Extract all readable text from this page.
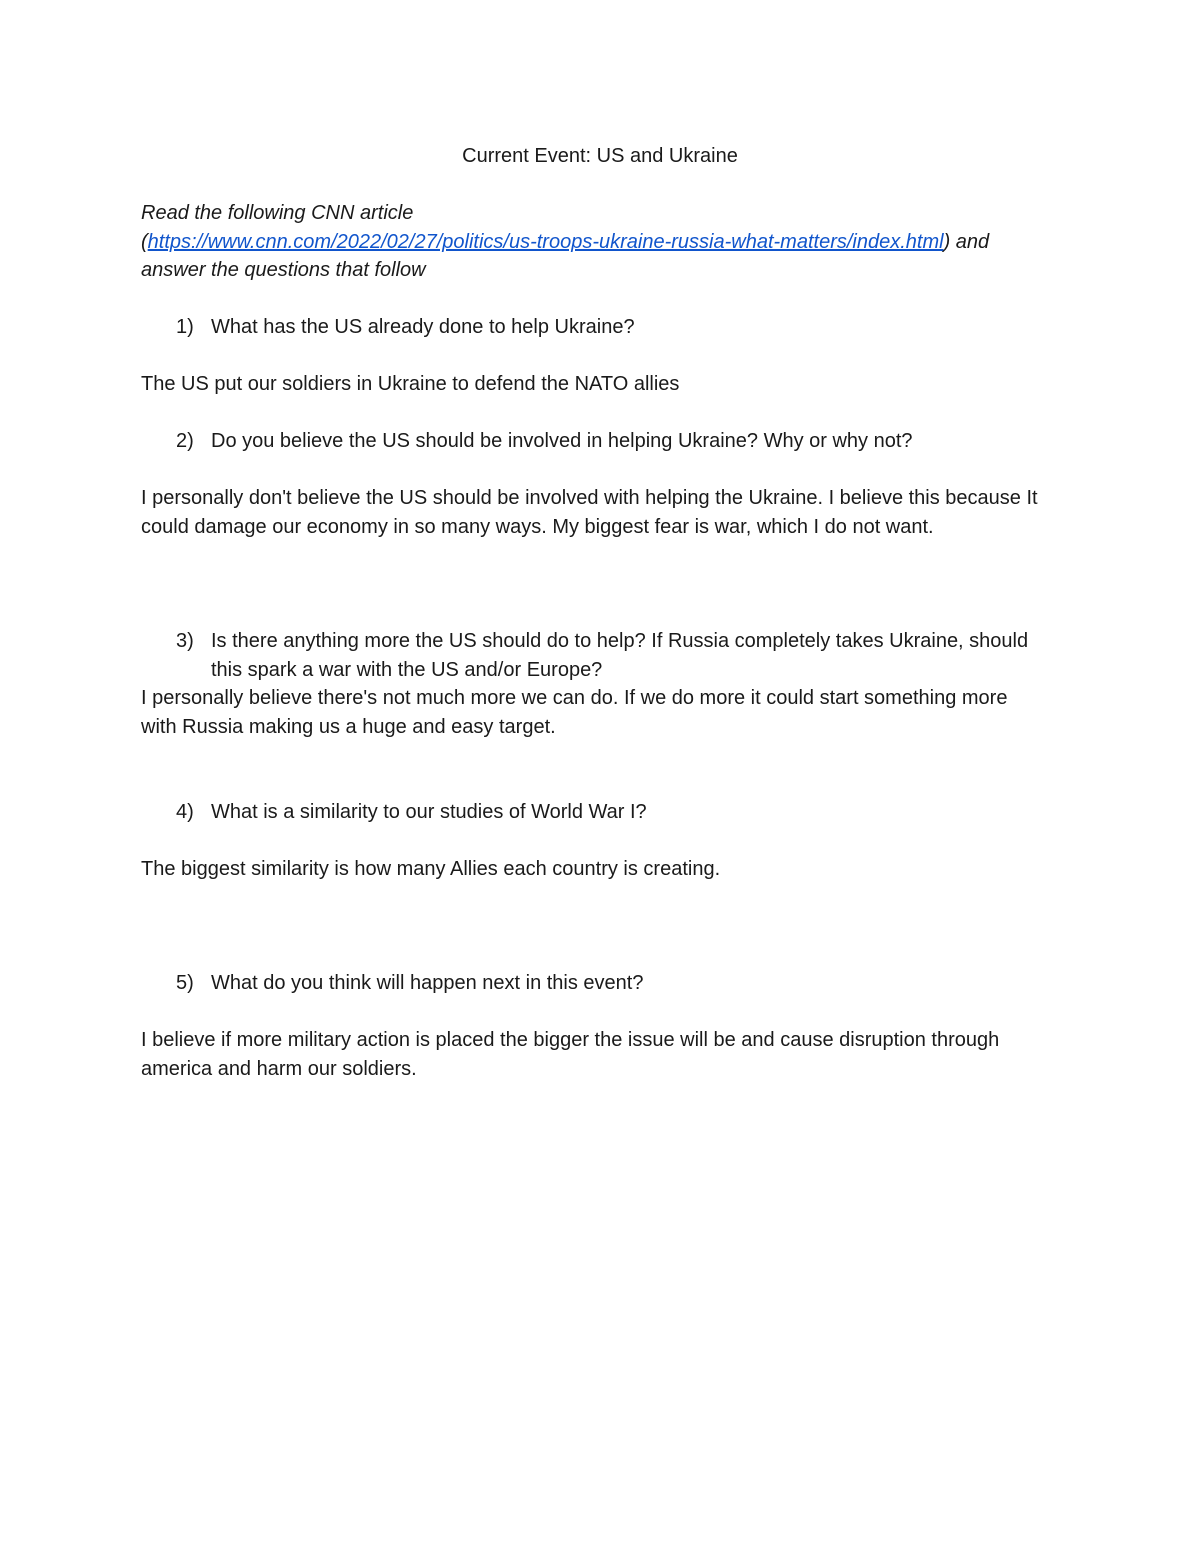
Current Event: US and Ukraine
Read the following CNN article
(https://www.cnn.com/2022/02/27/politics/us-troops-ukraine-russia-what-matters/index.html) and
answer the questions that follow
1) What has the US already done to help Ukraine?
The US put our soldiers in Ukraine to defend the NATO allies
2) Do you believe the US should be involved in helping Ukraine? Why or why not?
I personally don't believe the US should be involved with helping the Ukraine. I believe this because It could damage our economy in so many ways. My biggest fear is war, which I do not want.
3) Is there anything more the US should do to help? If Russia completely takes Ukraine, should this spark a war with the US and/or Europe?
I personally believe there's not much more we can do. If we do more it could start something more with Russia making us a huge and easy target.
4) What is a similarity to our studies of World War I?
The biggest similarity is how many Allies each country is creating.
5) What do you think will happen next in this event?
I believe if more military action is placed the bigger the issue will be and cause disruption through america and harm our soldiers.
